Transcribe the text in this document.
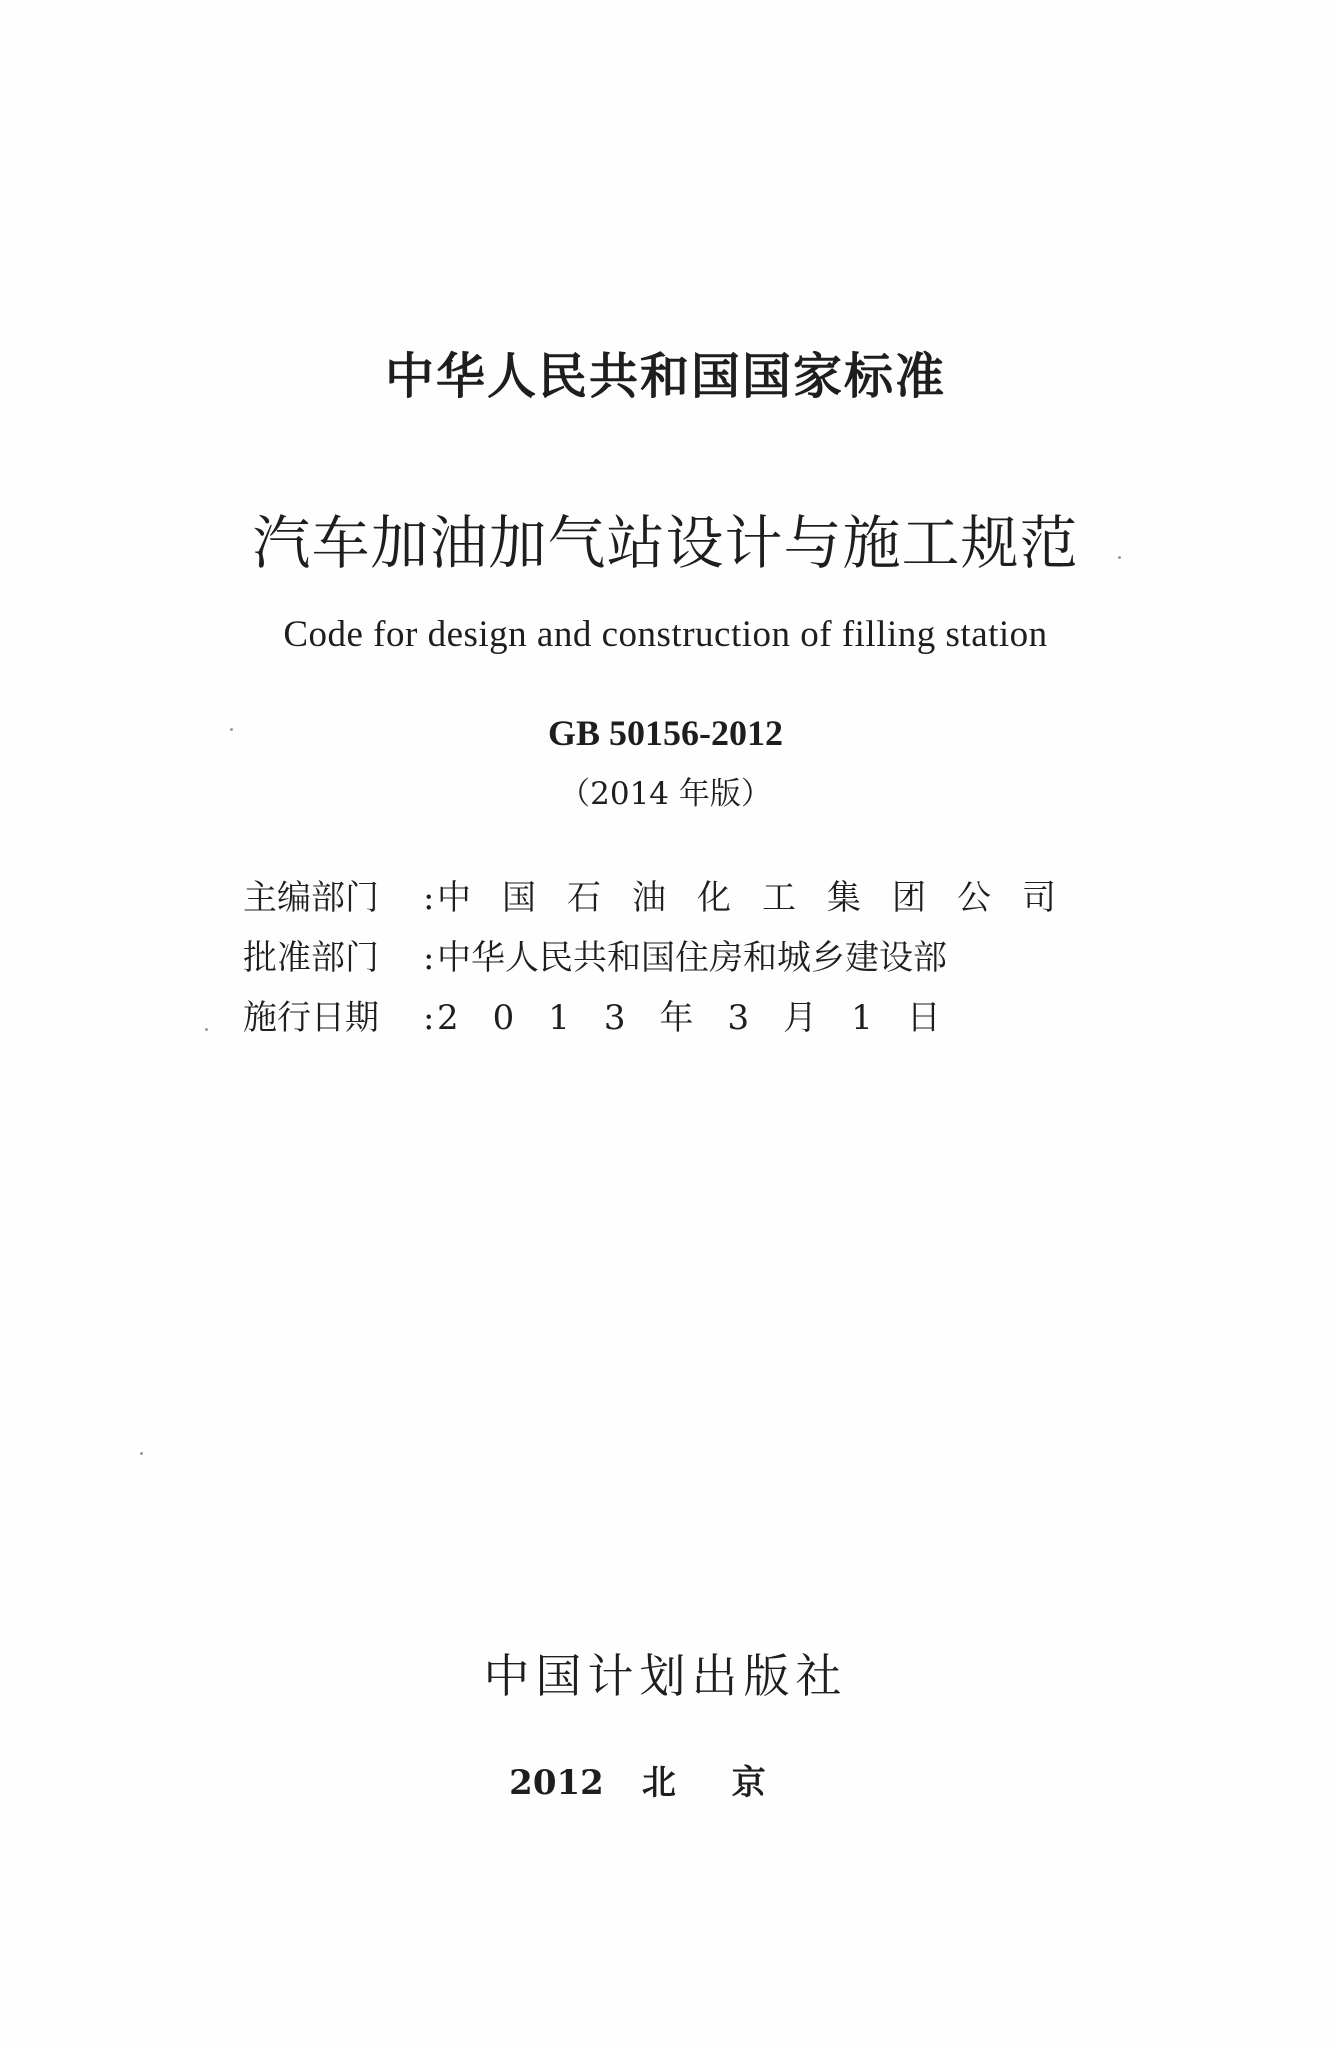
中华人民共和国国家标准
汽车加油加气站设计与施工规范
Code for design and construction of filling station
GB 50156-2012
（2014 年版）
主编部门	: 中国石油化工集团公司
批准部门	: 中华人民共和国住房和城乡建设部
施行日期	: 2013年3月1日
中国计划出版社
2012 北京
